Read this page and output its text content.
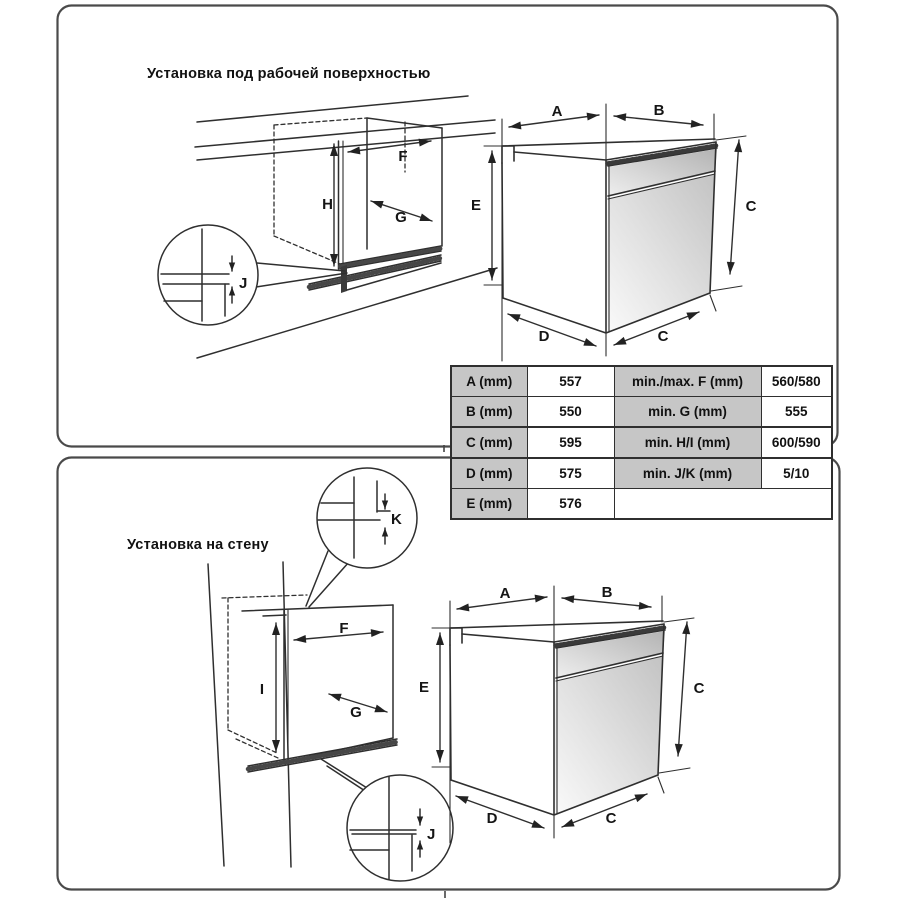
H
F
G
J
I
F
G
K
J
Установка под рабочей поверхностью
Установка на стену
A (mm)	557	min./max. F (mm)	560/580
B (mm)	550	min. G (mm)	555
C (mm)	595	min. H/I (mm)	600/590
D (mm)	575	min. J/K (mm)	5/10
E (mm)	576		
